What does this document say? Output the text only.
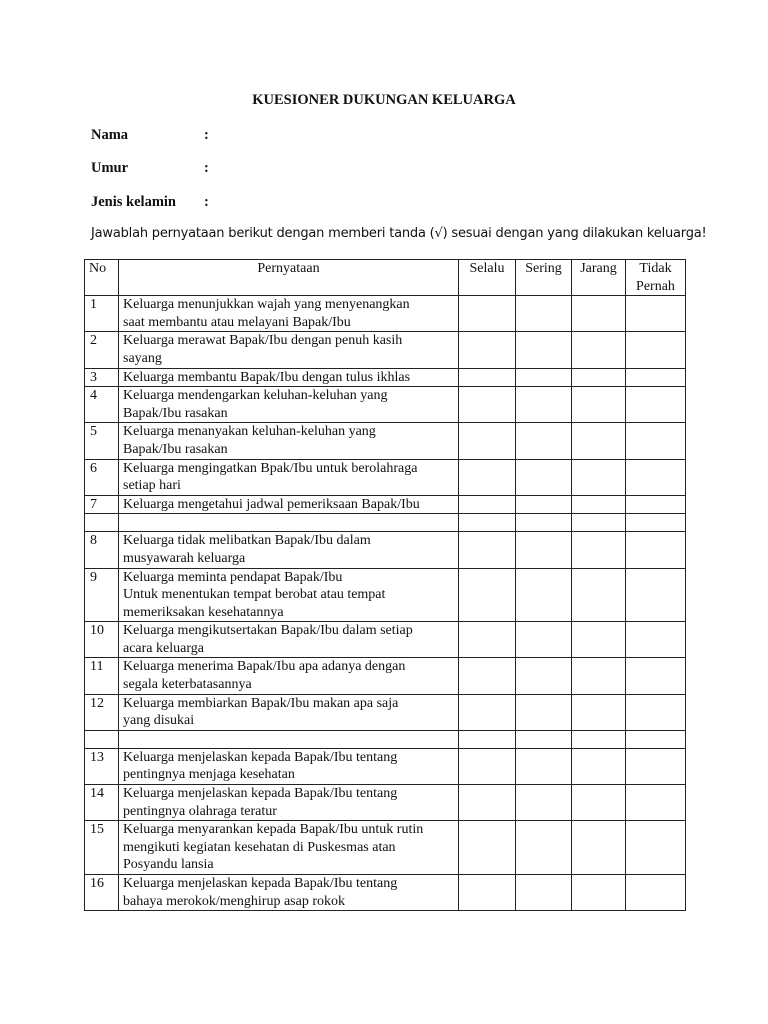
KUESIONER DUKUNGAN KELUARGA
Nama	:
Umur	:
Jenis kelamin :
Jawablah pernyataan berikut dengan memberi tanda (√) sesuai dengan yang dilakukan keluarga!
No	Pernyataan	Selalu	Sering	Jarang	Tidak
Pernah

1	Keluarga menunjukkan wajah yang menyenangkan
saat membantu atau melayani Bapak/Ibu				

2	Keluarga merawat Bapak/Ibu dengan penuh kasih
sayang				

3	Keluarga membantu Bapak/Ibu dengan tulus ikhlas				

4	Keluarga mendengarkan keluhan-keluhan yang
Bapak/Ibu rasakan				

5	Keluarga menanyakan keluhan-keluhan yang
Bapak/Ibu rasakan				

6	Keluarga mengingatkan Bpak/Ibu untuk berolahraga
setiap hari				

7	Keluarga mengetahui jadwal pemeriksaan Bapak/Ibu				

8	Keluarga tidak melibatkan Bapak/Ibu dalam
musyawarah keluarga				

9	Keluarga meminta pendapat Bapak/Ibu
Untuk menentukan tempat berobat atau tempat
memeriksakan kesehatannya				

10	Keluarga mengikutsertakan Bapak/Ibu dalam setiap
acara keluarga				

11	Keluarga menerima Bapak/Ibu apa adanya dengan
segala keterbatasannya				

12	Keluarga membiarkan Bapak/Ibu makan apa saja
yang disukai				

13	Keluarga menjelaskan kepada Bapak/Ibu tentang
pentingnya menjaga kesehatan				

14	Keluarga menjelaskan kepada Bapak/Ibu tentang
pentingnya olahraga teratur				

15	Keluarga menyarankan kepada Bapak/Ibu untuk rutin
mengikuti kegiatan kesehatan di Puskesmas atan
Posyandu lansia				

16	Keluarga menjelaskan kepada Bapak/Ibu tentang
bahaya merokok/menghirup asap rokok				
